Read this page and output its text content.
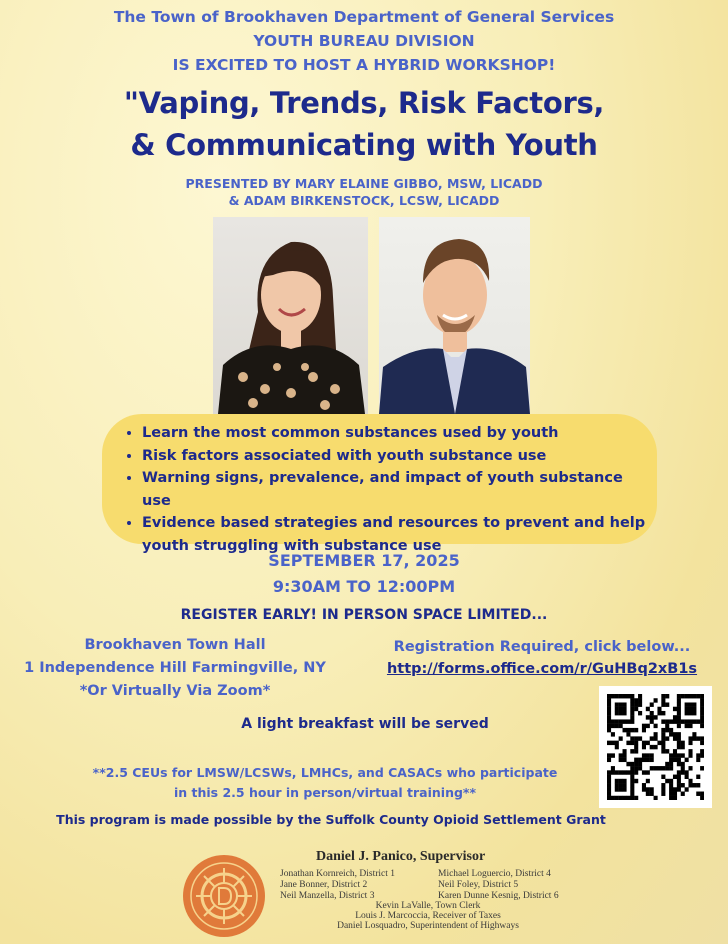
The Town of Brookhaven Department of General Services
YOUTH BUREAU DIVISION
IS EXCITED TO HOST A HYBRID WORKSHOP!
"Vaping, Trends, Risk Factors,
& Communicating with Youth
PRESENTED BY MARY ELAINE GIBBO, MSW, LICADD
& ADAM BIRKENSTOCK, LCSW, LICADD
• Learn the most common substances used by youth
• Risk factors associated with youth substance use
• Warning signs, prevalence, and impact of youth substance use
• Evidence based strategies and resources to prevent and help youth struggling with substance use
SEPTEMBER 17, 2025
9:30AM TO 12:00PM
REGISTER EARLY! IN PERSON SPACE LIMITED...
Brookhaven Town Hall
1 Independence Hill Farmingville, NY
*Or Virtually Via Zoom*
Registration Required, click below...
http://forms.office.com/r/GuHBq2xB1s
A light breakfast will be served
**2.5 CEUs for LMSW/LCSWs, LMHCs, and CASACs who participate
in this 2.5 hour in person/virtual training**
This program is made possible by the Suffolk County Opioid Settlement Grant
Daniel J. Panico, Supervisor
Jonathan Kornreich, District 1	Michael Loguercio, District 4
Jane Bonner, District 2	Neil Foley, District 5
Neil Manzella, District 3	Karen Dunne Kesnig, District 6
Kevin LaValle, Town Clerk
Louis J. Marcoccia, Receiver of Taxes
Daniel Losquadro, Superintendent of Highways
